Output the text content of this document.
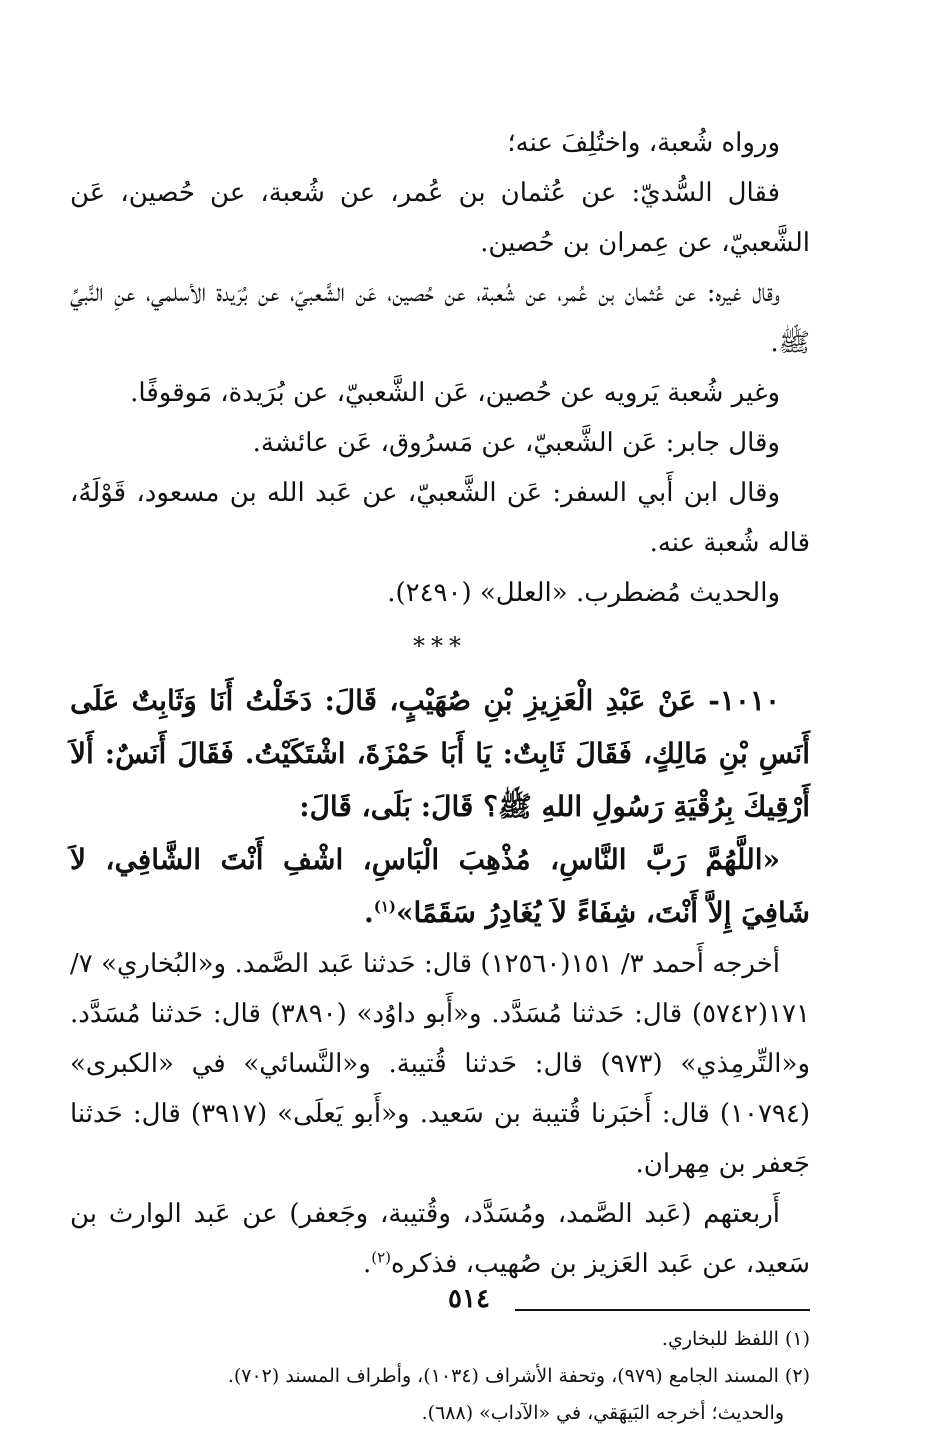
ورواه شُعبة، واختُلِفَ عنه؛

فقال السُّديّ: عن عُثمان بن عُمر، عن شُعبة، عن حُصين، عَن الشَّعبيّ، عن عِمران بن حُصين.

وقال غيره: عن عُثمان بن عُمر، عن شُعبة، عن حُصين، عَن الشَّعبيّ، عن بُرَيدة الأسلمي، عنِ النَّبيِّ ﷺ.

وغير شُعبة يَرويه عن حُصين، عَن الشَّعبيّ، عن بُرَيدة، مَوقوفًا.

وقال جابر: عَن الشَّعبيّ، عن مَسرُوق، عَن عائشة.

وقال ابن أَبي السفر: عَن الشَّعبيّ، عن عَبد الله بن مسعود، قَوْلَهُ، قاله شُعبة عنه.

والحديث مُضطرب. «العلل» (٢٤٩٠).

***

١٠١٠- عَنْ عَبْدِ الْعَزِيزِ بْنِ صُهَيْبٍ، قَالَ: دَخَلْتُ أَنَا وَثَابِتٌ عَلَى أَنَسِ بْنِ مَالِكٍ، فَقَالَ ثَابِتٌ: يَا أَبَا حَمْزَةَ، اشْتَكَيْتُ. فَقَالَ أَنَسٌ: أَلاَ أَرْقِيكَ بِرُقْيَةِ رَسُولِ اللهِ ﷺ؟ قَالَ: بَلَى، قَالَ:

«اللَّهُمَّ رَبَّ النَّاسِ، مُذْهِبَ الْبَاسِ، اشْفِ أَنْتَ الشَّافِي، لاَ شَافِيَ إِلاَّ أَنْتَ، شِفَاءً لاَ يُغَادِرُ سَقَمًا»$^{(١)}$.

أخرجه أَحمد ٣/ ١٥١(١٢٥٦٠) قال: حَدثنا عَبد الصَّمد. و«البُخاري» ٧/ ١٧١(٥٧٤٢) قال: حَدثنا مُسَدَّد. و«أَبو داوُد» (٣٨٩٠) قال: حَدثنا مُسَدَّد. و«التِّرمِذي» (٩٧٣) قال: حَدثنا قُتيبة. و«النَّسائي» في «الكبرى» (١٠٧٩٤) قال: أَخبَرنا قُتيبة بن سَعيد. و«أَبو يَعلَى» (٣٩١٧) قال: حَدثنا جَعفر بن مِهران.

أَربعتهم (عَبد الصَّمد، ومُسَدَّد، وقُتيبة، وجَعفر) عن عَبد الوارث بن سَعيد، عن عَبد العَزيز بن صُهيب، فذكره$^{(٢)}$.

(١) اللفظ للبخاري.

(٢) المسند الجامع (٩٧٩)، وتحفة الأشراف (١٠٣٤)، وأطراف المسند (٧٠٢).

والحديث؛ أخرجه البَيهَقي، في «الآداب» (٦٨٨).

٥١٤
